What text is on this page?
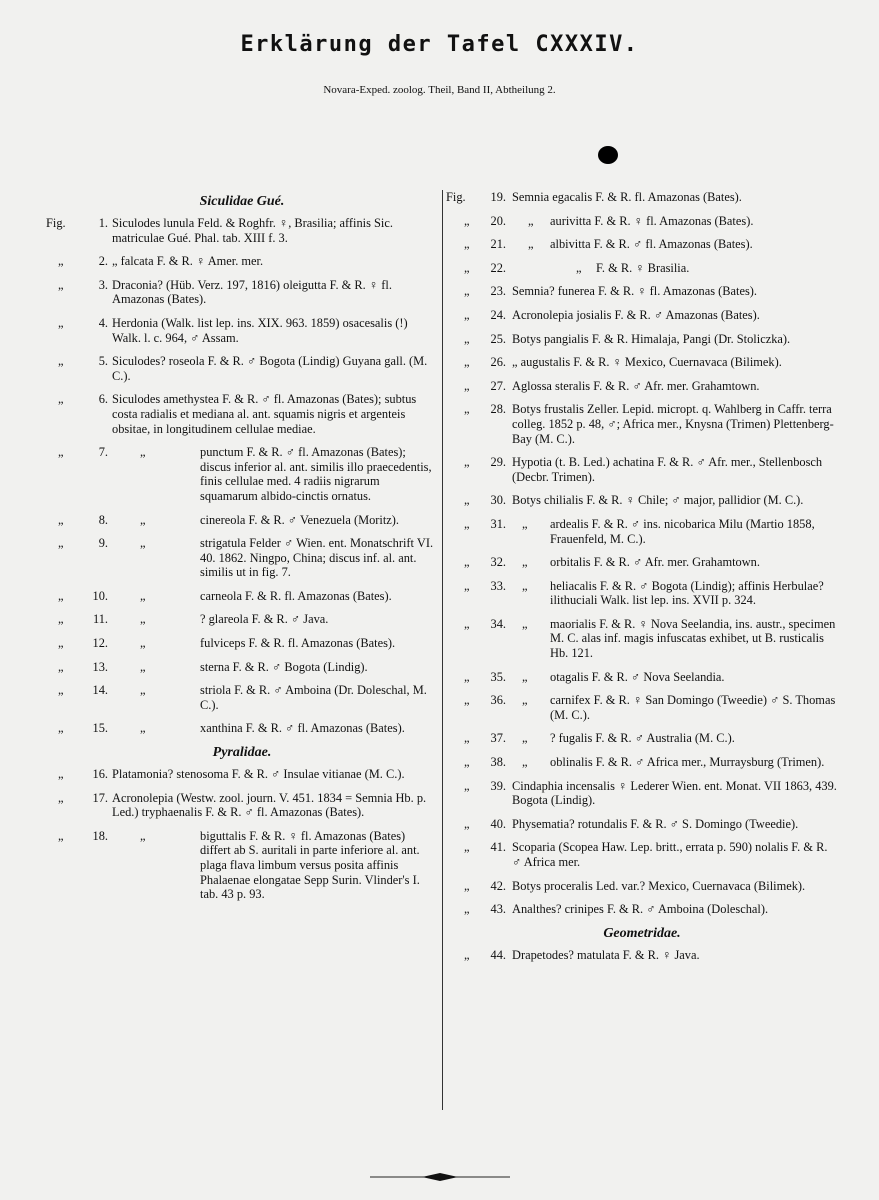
Erklärung der Tafel CXXXIV.
Novara-Exped. zoolog. Theil, Band II, Abtheilung 2.
Siculidae Gué.
Fig.	1. Siculodes lunula Feld. & Roghfr. ♀, Brasilia; affinis Sic. matriculae Gué. Phal. tab. XIII f. 3.
„	2. „ falcata F. & R. ♀ Amer. mer.
„	3. Draconia? (Hüb. Verz. 197, 1816) oleigutta F. & R. ♀ fl. Amazonas (Bates).
„	4. Herdonia (Walk. list lep. ins. XIX. 963. 1859) osacesalis (!) Walk. l. c. 964, ♂ Assam.
„	5. Siculodes? roseola F. & R. ♂ Bogota (Lindig) Guyana gall. (M. C.).
„	6. Siculodes amethystea F. & R. ♂ fl. Amazonas (Bates); subtus costa radialis et mediana al. ant. squamis nigris et argenteis obsitae, in longitudinem cellulae mediae.
„	7.	„	punctum F. & R. ♂ fl. Amazonas (Bates); discus inferior al. ant. similis illo praecedentis, finis cellulae med. 4 radiis nigrarum squamarum albido-cinctis ornatus.
„	8.	„	cinereola F. & R. ♂ Venezuela (Moritz).
„	9.	„	strigatula Felder ♂ Wien. ent. Monatschrift VI. 40. 1862. Ningpo, China; discus inf. al. ant. similis ut in fig. 7.
„	10.	„	carneola F. & R. fl. Amazonas (Bates).
„	11.	„	? glareola F. & R. ♂ Java.
„	12.	„	fulviceps F. & R. fl. Amazonas (Bates).
„	13.	„	sterna F. & R. ♂ Bogota (Lindig).
„	14.	„	striola F. & R. ♂ Amboina (Dr. Doleschal, M. C.).
„	15.	„	xanthina F. & R. ♂ fl. Amazonas (Bates).
Pyralidae.
„	16. Platamonia? stenosoma F. & R. ♂ Insulae vitianae (M. C.).
„	17. Acronolepia (Westw. zool. journ. V. 451. 1834 = Semnia Hb. p. Led.) tryphaenalis F. & R. ♂ fl. Amazonas (Bates).
„	18.	„	biguttalis F. & R. ♀ fl. Amazonas (Bates) differt ab S. auritali in parte inferiore al. ant. plaga flava limbum versus posita affinis Phalaenae elongatae Sepp Surin. Vlinder's I. tab. 43 p. 93.
Fig.	19. Semnia egacalis F. & R. fl. Amazonas (Bates).
„	20. „	aurivitta F. & R. ♀ fl. Amazonas (Bates).
„	21. „	albivitta F. & R. ♂ fl. Amazonas (Bates).
„	22.	„	F. & R. ♀ Brasilia.
„	23. Semnia? funerea F. & R. ♀ fl. Amazonas (Bates).
„	24. Acronolepia josialis F. & R. ♂ Amazonas (Bates).
„	25. Botys pangialis F. & R. Himalaja, Pangi (Dr. Stoliczka).
„	26. „ augustalis F. & R. ♀ Mexico, Cuernavaca (Bilimek).
„	27. Aglossa steralis F. & R. ♂ Afr. mer. Grahamtown.
„	28. Botys frustalis Zeller. Lepid. micropt. q. Wahlberg in Caffr. terra colleg. 1852 p. 48, ♂; Africa mer., Knysna (Trimen) Plettenberg-Bay (M. C.).
„	29. Hypotia (t. B. Led.) achatina F. & R. ♂ Afr. mer., Stellenbosch (Decbr. Trimen).
„	30. Botys chilialis F. & R. ♀ Chile; ♂ major, pallidior (M. C.).
„	31. „	ardealis F. & R. ♂ ins. nicobarica Milu (Martio 1858, Frauenfeld, M. C.).
„	32. „	orbitalis F. & R. ♂ Afr. mer. Grahamtown.
„	33. „	heliacalis F. & R. ♂ Bogota (Lindig); affinis Herbulae? ilithuciali Walk. list lep. ins. XVII p. 324.
„	34. „	maorialis F. & R. ♀ Nova Seelandia, ins. austr., specimen M. C. alas inf. magis infuscatas exhibet, ut B. rusticalis Hb. 121.
„	35. „	otagalis F. & R. ♂ Nova Seelandia.
„	36. „	carnifex F. & R. ♀ San Domingo (Tweedie) ♂ S. Thomas (M. C.).
„	37. „	? fugalis F. & R. ♂ Australia (M. C.).
„	38. „	oblinalis F. & R. ♂ Africa mer., Murraysburg (Trimen).
„	39. Cindaphia incensalis ♀ Lederer Wien. ent. Monat. VII 1863, 439. Bogota (Lindig).
„	40. Physematia? rotundalis F. & R. ♂ S. Domingo (Tweedie).
„	41. Scoparia (Scopea Haw. Lep. britt., errata p. 590) nolalis F. & R. ♂ Africa mer.
„	42. Botys proceralis Led. var.? Mexico, Cuernavaca (Bilimek).
„	43. Analthes? crinipes F. & R. ♂ Amboina (Doleschal).
Geometridae.
„	44. Drapetodes? matulata F. & R. ♀ Java.
